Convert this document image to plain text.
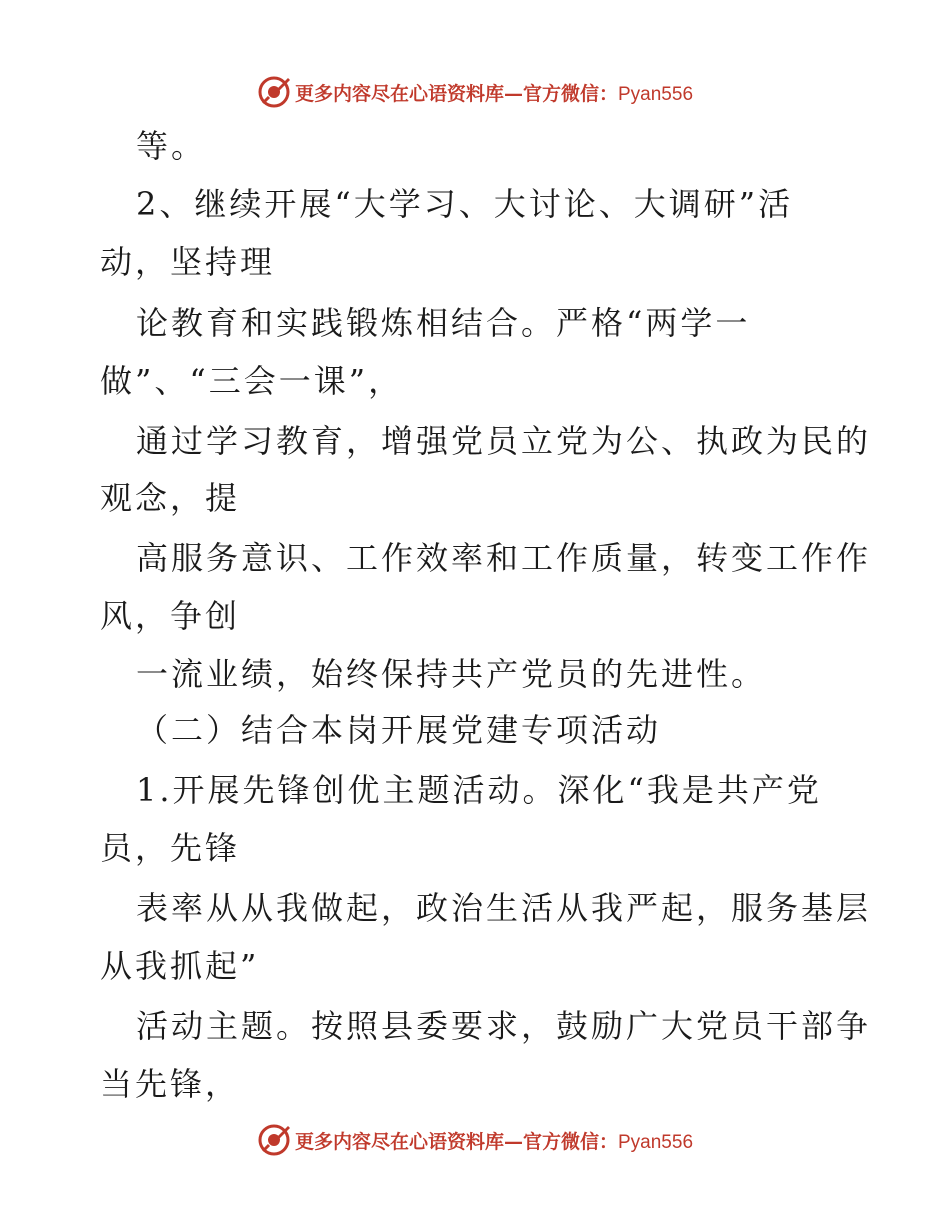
更多内容尽在心语资料库—官方微信：Pyan556
等。
2、继续开展“大学习、大讨论、大调研”活
动，坚持理
论教育和实践锻炼相结合。严格“两学一
做”、“三会一课”，
通过学习教育，增强党员立党为公、执政为民的
观念，提
高服务意识、工作效率和工作质量，转变工作作
风，争创
一流业绩，始终保持共产党员的先进性。
（二）结合本岗开展党建专项活动
1.开展先锋创优主题活动。深化“我是共产党
员，先锋
表率从从我做起，政治生活从我严起，服务基层
从我抓起”
活动主题。按照县委要求，鼓励广大党员干部争
当先锋，
更多内容尽在心语资料库—官方微信：Pyan556
